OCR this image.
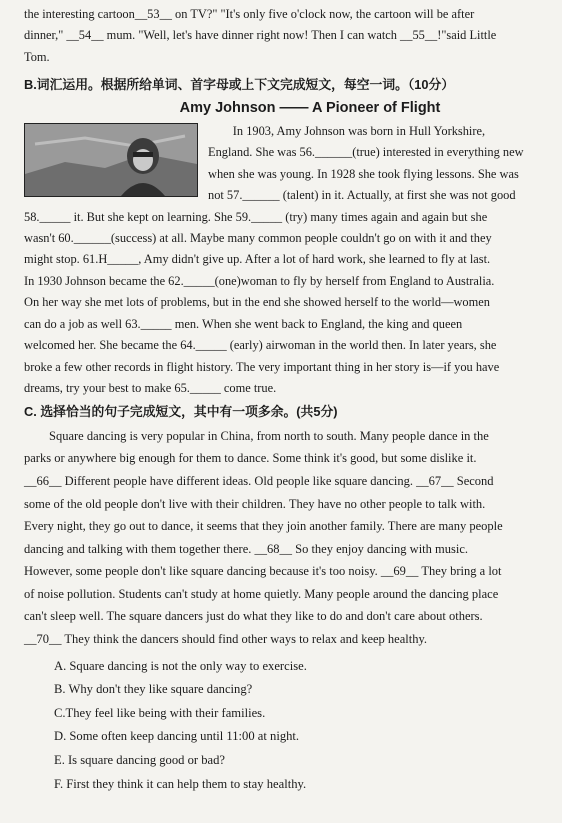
the interesting cartoon__53__ on TV?" "It's only five o'clock now, the cartoon will be after

dinner," __54__ mum. "Well, let's have dinner right now! Then I can watch __55__!"said Little

Tom.

B.词汇运用。根据所给单词、首字母或上下文完成短文，每空一词。（10分）
Amy Johnson —— A Pioneer of Flight

In 1903, Amy Johnson was born in Hull Yorkshire,

England. She was 56.______(true) interested in everything new

when she was young. In 1928 she took flying lessons. She was

not 57.______ (talent) in it. Actually, at first she was not good

58._____ it. But she kept on learning. She 59._____ (try) many times again and again but she

wasn't 60.______(success) at all. Maybe many common people couldn't go on with it and they

might stop. 61.H_____, Amy didn't give up. After a lot of hard work, she learned to fly at last.

In 1930 Johnson became the 62._____(one)woman to fly by herself from England to Australia.

On her way she met lots of problems, but in the end she showed herself to the world—women

can do a job as well 63._____ men. When she went back to England, the king and queen

welcomed her. She became the 64._____ (early) airwoman in the world then. In later years, she

broke a few other records in flight history. The very important thing in her story is—if you have

dreams, try your best to make 65._____ come true.

C. 选择恰当的句子完成短文，其中有一项多余。(共5分)

Square dancing is very popular in China, from north to south. Many people dance in the

parks or anywhere big enough for them to dance. Some think it's good, but some dislike it.

__66__ Different people have different ideas. Old people like square dancing. __67__ Second

some of the old people don't live with their children. They have no other people to talk with.

Every night, they go out to dance, it seems that they join another family. There are many people

dancing and talking with them together there. __68__ So they enjoy dancing with music.

However, some people don't like square dancing because it's too noisy. __69__ They bring a lot

of noise pollution. Students can't study at home quietly. Many people around the dancing place

can't sleep well. The square dancers just do what they like to do and don't care about others.

__70__ They think the dancers should find other ways to relax and keep healthy.

A. Square dancing is not the only way to exercise.

B. Why don't they like square dancing?

C.They feel like being with their families.

D. Some often keep dancing until 11:00 at night.

E. Is square dancing good or bad?

F. First they think it can help them to stay healthy.
